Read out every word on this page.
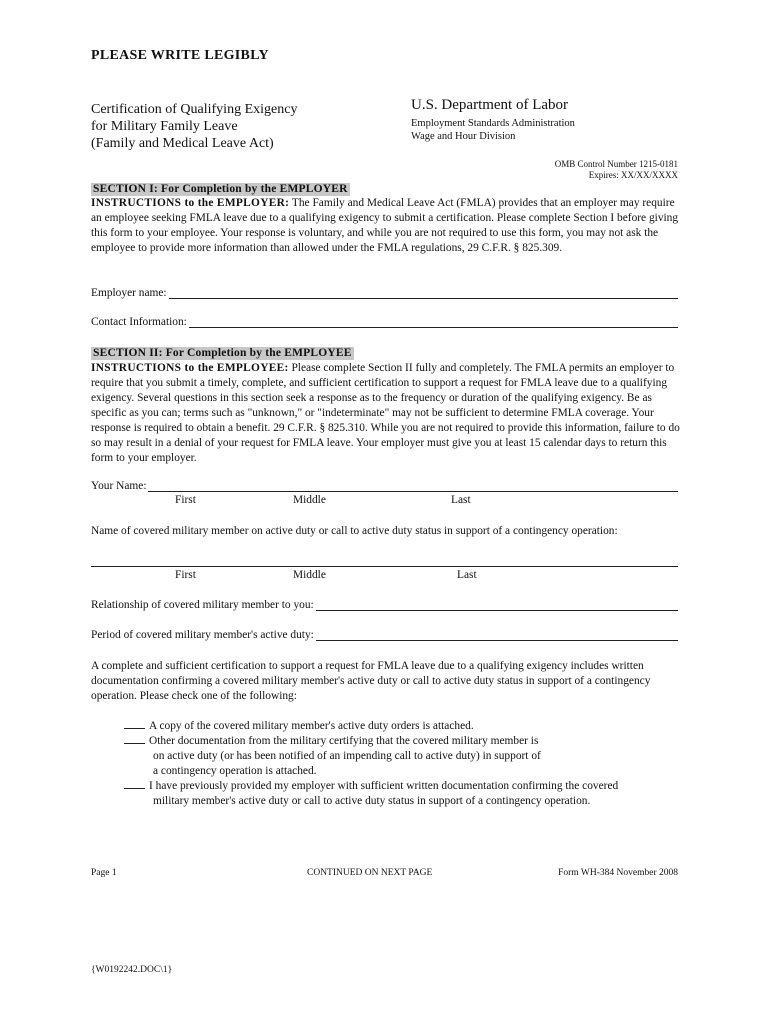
PLEASE WRITE LEGIBLY
Certification of Qualifying Exigency
for Military Family Leave
(Family and Medical Leave Act)
U.S. Department of Labor
Employment Standards Administration
Wage and Hour Division
OMB Control Number 1215-0181
Expires: XX/XX/XXXX
SECTION I: For Completion by the EMPLOYER
INSTRUCTIONS to the EMPLOYER: The Family and Medical Leave Act (FMLA) provides that an employer may require an employee seeking FMLA leave due to a qualifying exigency to submit a certification. Please complete Section I before giving this form to your employee. Your response is voluntary, and while you are not required to use this form, you may not ask the employee to provide more information than allowed under the FMLA regulations, 29 C.F.R. § 825.309.
Employer name:
Contact Information:
SECTION II: For Completion by the EMPLOYEE
INSTRUCTIONS to the EMPLOYEE: Please complete Section II fully and completely. The FMLA permits an employer to require that you submit a timely, complete, and sufficient certification to support a request for FMLA leave due to a qualifying exigency. Several questions in this section seek a response as to the frequency or duration of the qualifying exigency. Be as specific as you can; terms such as "unknown," or "indeterminate" may not be sufficient to determine FMLA coverage. Your response is required to obtain a benefit. 29 C.F.R. § 825.310. While you are not required to provide this information, failure to do so may result in a denial of your request for FMLA leave. Your employer must give you at least 15 calendar days to return this form to your employer.
Your Name:
First	Middle	Last
Name of covered military member on active duty or call to active duty status in support of a contingency operation:
First	Middle	Last
Relationship of covered military member to you:
Period of covered military member's active duty:
A complete and sufficient certification to support a request for FMLA leave due to a qualifying exigency includes written documentation confirming a covered military member's active duty or call to active duty status in support of a contingency operation. Please check one of the following:
A copy of the covered military member's active duty orders is attached.
Other documentation from the military certifying that the covered military member is
on active duty (or has been notified of an impending call to active duty) in support of
a contingency operation is attached.
I have previously provided my employer with sufficient written documentation confirming the covered
military member's active duty or call to active duty status in support of a contingency operation.
Page 1	CONTINUED ON NEXT PAGE	Form WH-384 November 2008
{W0192242.DOC\1}
